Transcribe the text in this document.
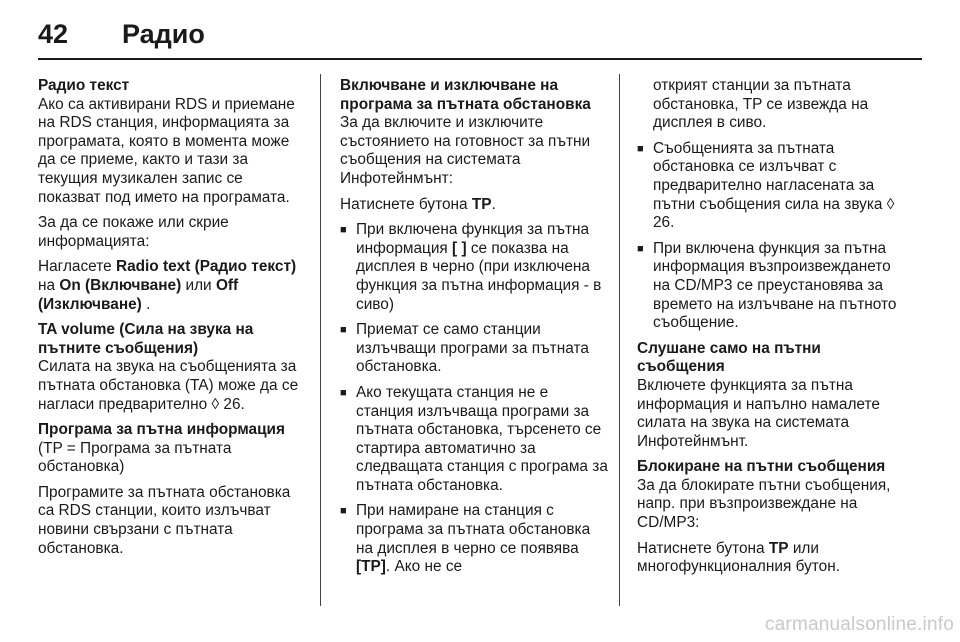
42	Радио
Радио текст
Ако са активирани RDS и приемане на RDS станция, информацията за програмата, която в момента може да се приеме, както и тази за текущия музикален запис се показват под името на програмата.
За да се покаже или скрие информацията:
Нагласете Radio text (Радио текст) на On (Включване) или Off (Изключване) .
TA volume (Сила на звука на пътните съобщения)
Силата на звука на съобщенията за пътната обстановка (TA) може да се нагласи предварително ◊ 26.
Програма за пътна информация
(TP = Програма за пътната обстановка)
Програмите за пътната обстановка са RDS станции, които излъчват новини свързани с пътната обстановка.
Включване и изключване на програма за пътната обстановка
За да включите и изключите състоянието на готовност за пътни съобщения на системата Инфотейнмънт:
Натиснете бутона TP.
■ При включена функция за пътна информация [ ] се показва на дисплея в черно (при изключена функция за пътна информация - в сиво)
■ Приемат се само станции излъчващи програми за пътната обстановка.
■ Ако текущата станция не е станция излъчваща програми за пътната обстановка, търсенето се стартира автоматично за следващата станция с програма за пътната обстановка.
■ При намиране на станция с програма за пътната обстановка на дисплея в черно се появява [TP]. Ако не се
открият станции за пътната обстановка, TP се извежда на дисплея в сиво.
■ Съобщенията за пътната обстановка се излъчват с предварително нагласената за пътни съобщения сила на звука ◊ 26.
■ При включена функция за пътна информация възпроизвеждането на CD/MP3 се преустановява за времето на излъчване на пътното съобщение.
Слушане само на пътни съобщения
Включете функцията за пътна информация и напълно намалете силата на звука на системата Инфотейнмънт.
Блокиране на пътни съобщения
За да блокирате пътни съобщения, напр. при възпроизвеждане на CD/MP3:
Натиснете бутона TP или многофункционалния бутон.
carmanualsonline.info
